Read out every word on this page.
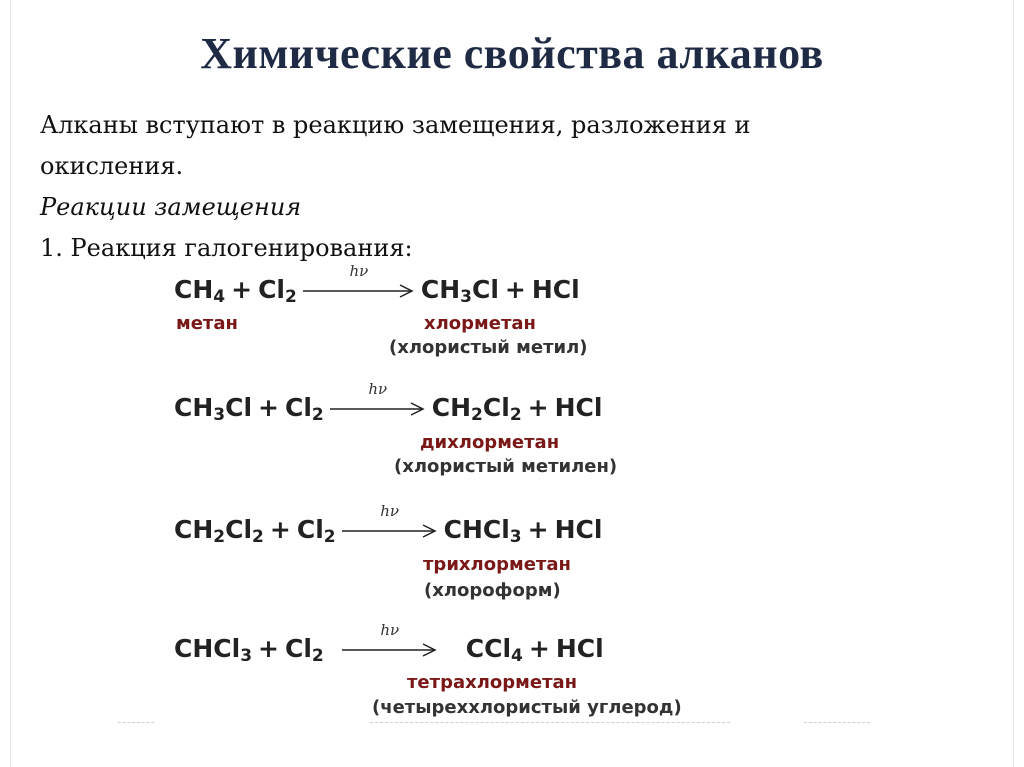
Химические свойства алканов
Алканы вступают в реакцию замещения, разложения и
окисления.
Реакции замещения
1. Реакция галогенирования:
$CH_4 + Cl_2$
hν
$CH_3Cl$ + HCl
метан	хлорметан
(хлористый метил)
$CH_3Cl + Cl_2$
hν
$CH_2Cl_2$ + HCl
дихлорметан
(хлористый метилен)
$CH_2Cl_2 + Cl_2$
hν
CHCl$_3$ + HCl
трихлорметан
(хлороформ)
CHCl$_3$ + $Cl_2$
hν
CCl$_4$ + HCl
тетрахлорметан
(четыреххлористый углерод)
